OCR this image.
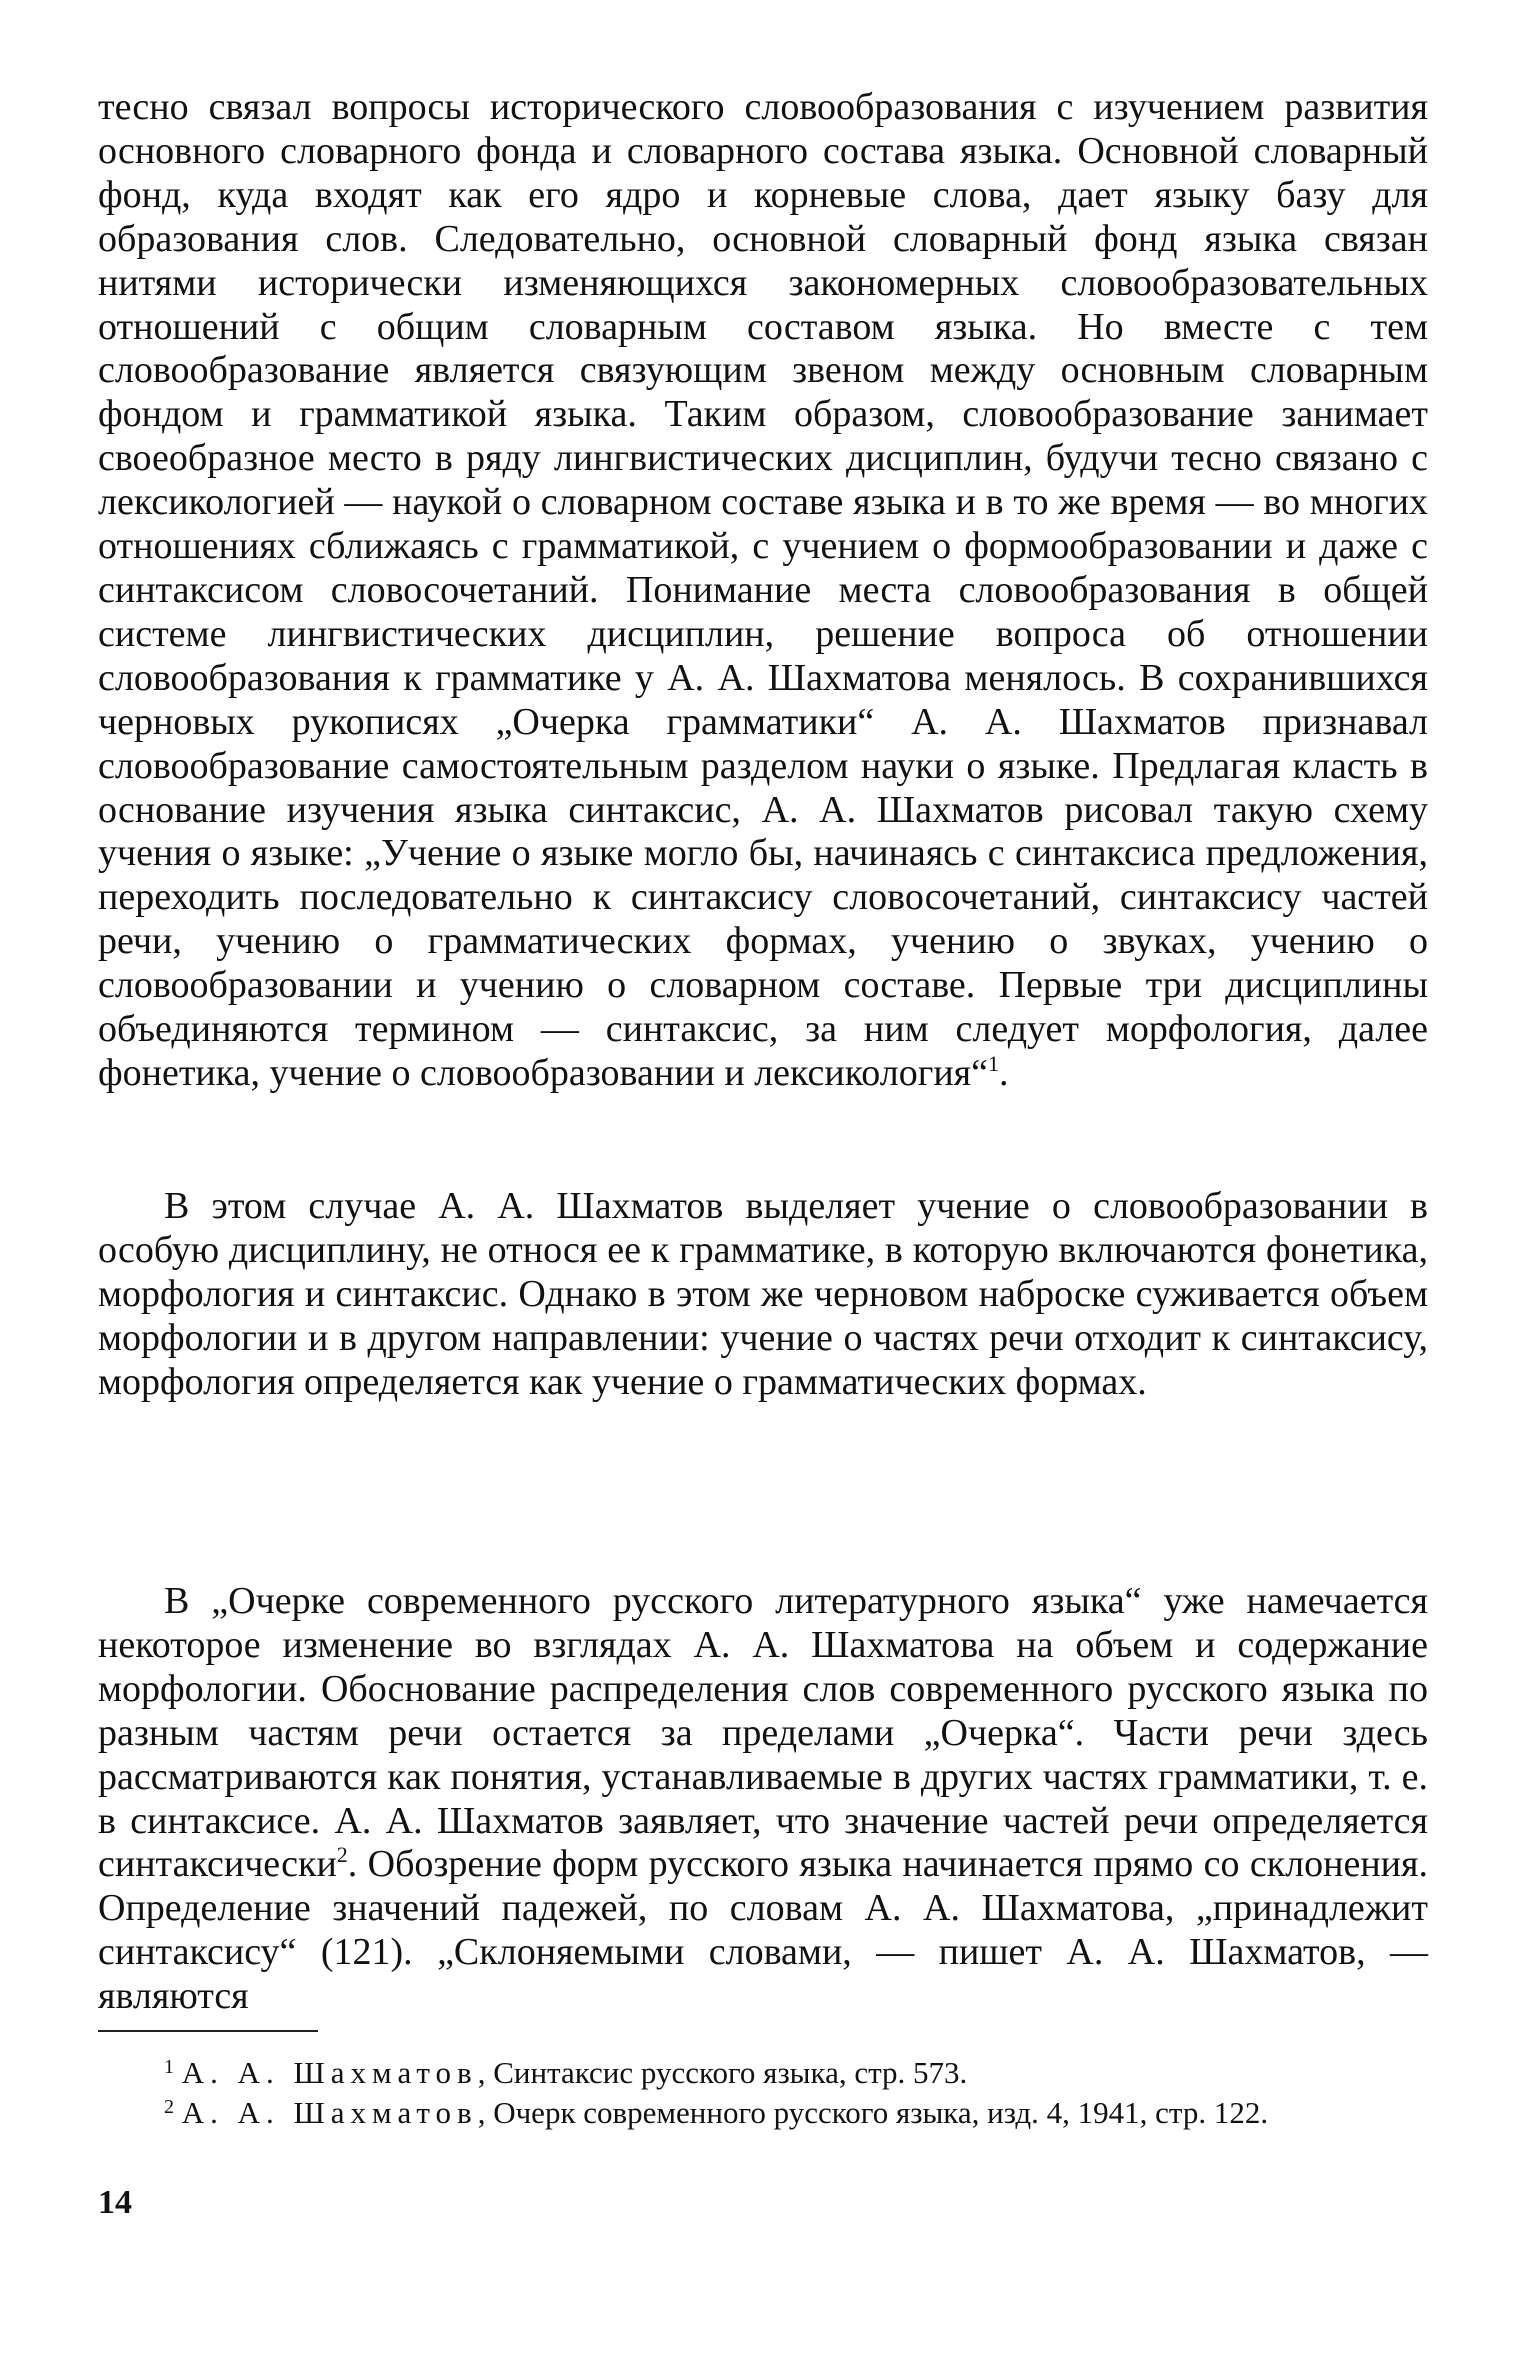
тесно связал вопросы исторического словообразования с изучением развития основного словарного фонда и словарного состава языка. Основной словарный фонд, куда входят как его ядро и корневые слова, дает языку базу для образования слов. Следовательно, основной словарный фонд языка связан нитями исторически изменяющихся закономерных словообразовательных отношений с общим словарным составом языка. Но вместе с тем словообразование является связующим звеном между основным словарным фондом и грамматикой языка. Таким образом, словообразование занимает своеобразное место в ряду лингвистических дисциплин, будучи тесно связано с лексикологией — наукой о словарном составе языка и в то же время — во многих отношениях сближаясь с грамматикой, с учением о формообразовании и даже с синтаксисом словосочетаний. Понимание места словообразования в общей системе лингвистических дисциплин, решение вопроса об отношении словообразования к грамматике у А. А. Шахматова менялось. В сохранившихся черновых рукописях „Очерка грамматики“ А. А. Шахматов признавал словообразование самостоятельным разделом науки о языке. Предлагая класть в основание изучения языка синтаксис, А. А. Шахматов рисовал такую схему учения о языке: „Учение о языке могло бы, начинаясь с синтаксиса предложения, переходить последовательно к синтаксису словосочетаний, синтаксису частей речи, учению о грамматических формах, учению о звуках, учению о словообразовании и учению о словарном составе. Первые три дисциплины объединяются термином — синтаксис, за ним следует морфология, далее фонетика, учение о словообразовании и лексикология“$^1$.

В этом случае А. А. Шахматов выделяет учение о словообразовании в особую дисциплину, не относя ее к грамматике, в которую включаются фонетика, морфология и синтаксис. Однако в этом же черновом наброске суживается объем морфологии и в другом направлении: учение о частях речи отходит к синтаксису, морфология определяется как учение о грамматических формах.

В „Очерке современного русского литературного языка“ уже намечается некоторое изменение во взглядах А. А. Шахматова на объем и содержание морфологии. Обоснование распределения слов современного русского языка по разным частям речи остается за пределами „Очерка“. Части речи здесь рассматриваются как понятия, устанавливаемые в других частях грамматики, т. е. в синтаксисе. А. А. Шахматов заявляет, что значение частей речи определяется синтаксически$^2$. Обозрение форм русского языка начинается прямо со склонения. Определение значений падежей, по словам А. А. Шахматова, „принадлежит синтаксису“ (121). „Склоняемыми словами, — пишет А. А. Шахматов, — являются

$^1$ А. А. Шахматов, Синтаксис русского языка, стр. 573.

$^2$ А. А. Шахматов, Очерк современного русского языка, изд. 4, 1941, стр. 122.

14
